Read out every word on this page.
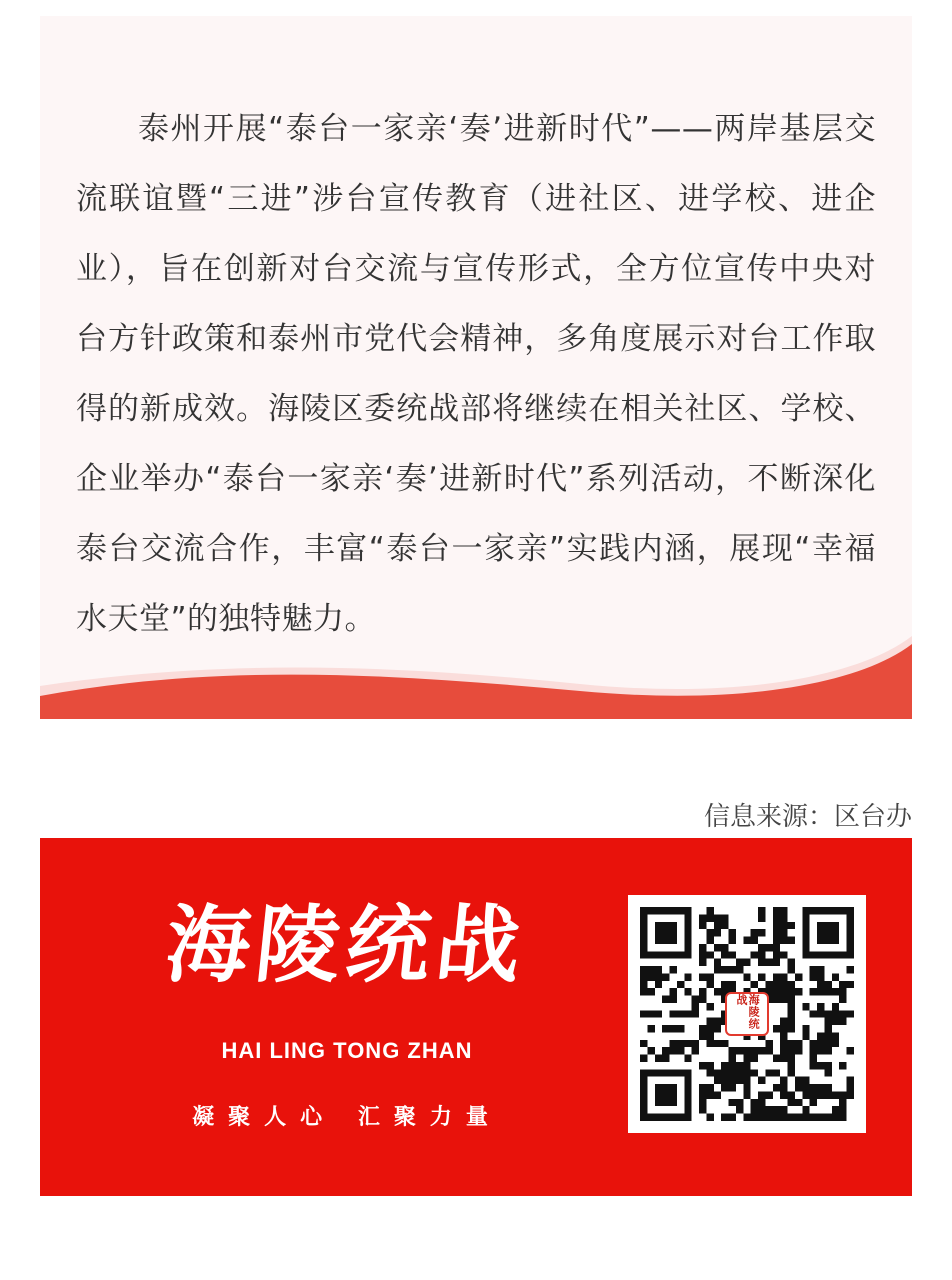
泰州开展“泰台一家亲‘奏’进新时代”——两岸基层交流联谊暨“三进”涉台宣传教育（进社区、进学校、进企业），旨在创新对台交流与宣传形式，全方位宣传中央对台方针政策和泰州市党代会精神，多角度展示对台工作取得的新成效。海陵区委统战部将继续在相关社区、学校、企业举办“泰台一家亲‘奏’进新时代”系列活动，不断深化泰台交流合作，丰富“泰台一家亲”实践内涵，展现“幸福水天堂”的独特魅力。

信息来源：区台办

海陵统战
HAI LING TONG ZHAN
凝聚人心 汇聚力量
海陵统战
